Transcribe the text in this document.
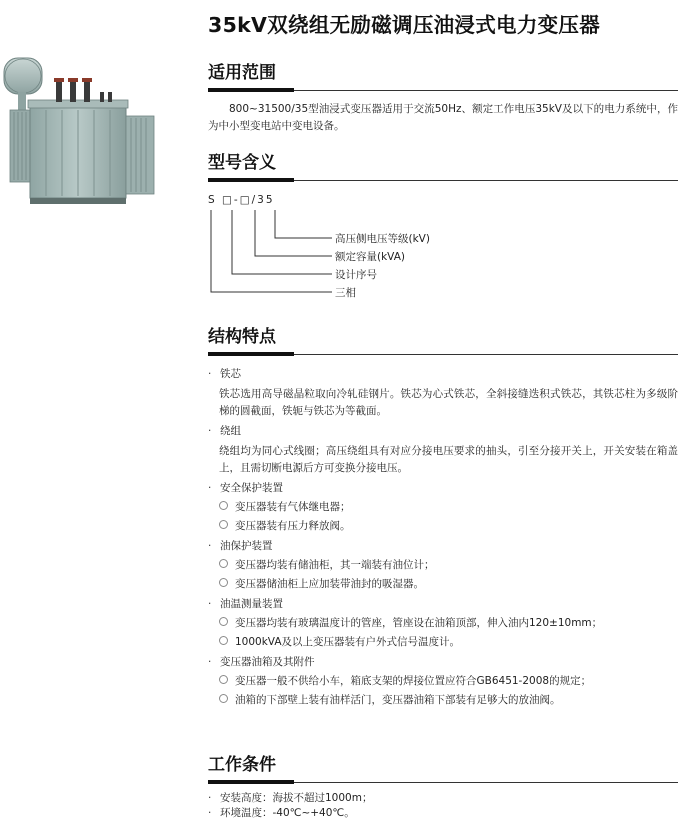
35kV双绕组无励磁调压油浸式电力变压器
适用范围
800~31500/35型油浸式变压器适用于交流50Hz、额定工作电压35kV及以下的电力系统中，作为中小型变电站中变电设备。
型号含义
S □-□/35
高压侧电压等级(kV)
额定容量(kVA)
设计序号
三相
结构特点
· 铁芯
铁芯选用高导磁晶粒取向冷轧硅钢片。铁芯为心式铁芯，全斜接缝迭积式铁芯，其铁芯柱为多级阶梯的圆截面，铁轭与铁芯为等截面。
· 绕组
绕组均为同心式线圈；高压绕组具有对应分接电压要求的抽头，引至分接开关上，开关安装在箱盖上，且需切断电源后方可变换分接电压。
· 安全保护装置
变压器装有气体继电器；
变压器装有压力释放阀。
· 油保护装置
变压器均装有储油柜，其一端装有油位计；
变压器储油柜上应加装带油封的吸湿器。
· 油温测量装置
变压器均装有玻璃温度计的管座，管座设在油箱顶部，伸入油内120±10mm；
1000kVA及以上变压器装有户外式信号温度计。
· 变压器油箱及其附件
变压器一般不供给小车，箱底支架的焊接位置应符合GB6451-2008的规定；
油箱的下部壁上装有油样活门，变压器油箱下部装有足够大的放油阀。
工作条件
· 安装高度：海拔不超过1000m；
· 环境温度：-40℃~+40℃。
